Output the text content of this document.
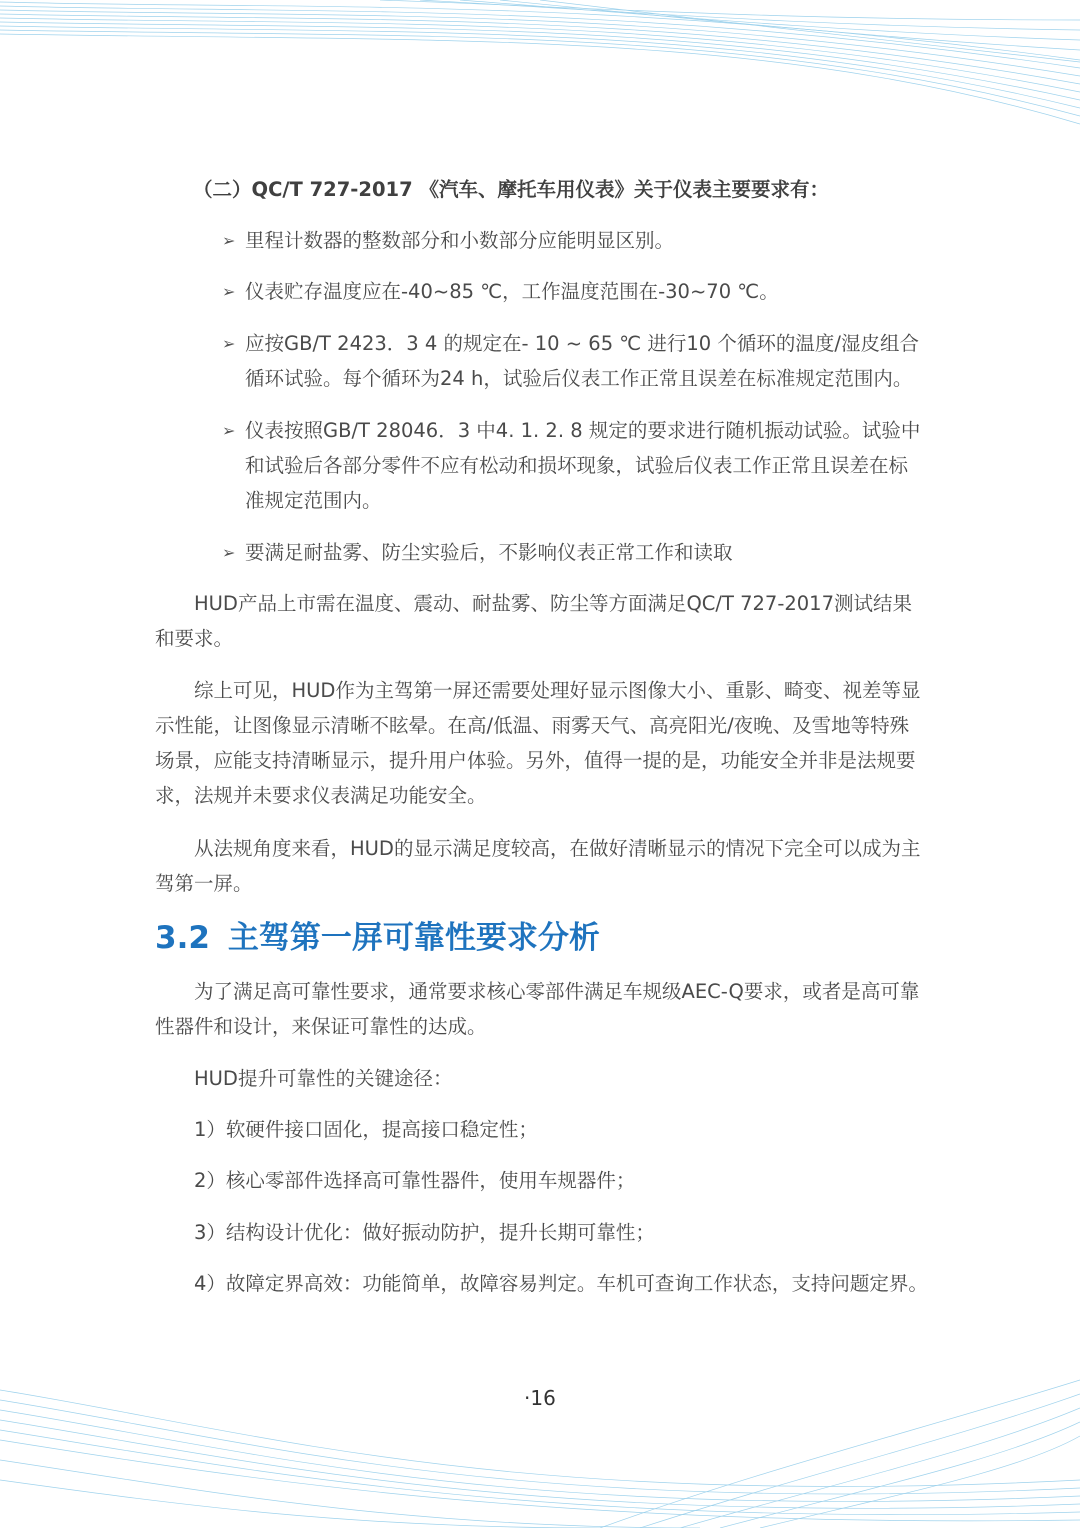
（二）QC/T 727-2017 《汽车、摩托车用仪表》关于仪表主要要求有：
➢ 里程计数器的整数部分和小数部分应能明显区别。
➢ 仪表贮存温度应在-40~85 ℃，工作温度范围在-30~70 ℃。
➢ 应按GB/T 2423．3 4 的规定在- 10 ~ 65 ℃ 进行10 个循环的温度/湿皮组合循环试验。每个循环为24 h，试验后仪表工作正常且误差在标准规定范围内。
➢ 仪表按照GB/T 28046．3 中4. 1. 2. 8 规定的要求进行随机振动试验。试验中和试验后各部分零件不应有松动和损坏现象，试验后仪表工作正常且误差在标准规定范围内。
➢ 要满足耐盐雾、防尘实验后，不影响仪表正常工作和读取
HUD产品上市需在温度、震动、耐盐雾、防尘等方面满足QC/T 727-2017测试结果和要求。
综上可见，HUD作为主驾第一屏还需要处理好显示图像大小、重影、畸变、视差等显示性能，让图像显示清晰不眩晕。在高/低温、雨雾天气、高亮阳光/夜晚、及雪地等特殊场景，应能支持清晰显示，提升用户体验。另外，值得一提的是，功能安全并非是法规要求，法规并未要求仪表满足功能安全。
从法规角度来看，HUD的显示满足度较高，在做好清晰显示的情况下完全可以成为主驾第一屏。
3.2 主驾第一屏可靠性要求分析
为了满足高可靠性要求，通常要求核心零部件满足车规级AEC-Q要求，或者是高可靠性器件和设计，来保证可靠性的达成。
HUD提升可靠性的关键途径：
1）软硬件接口固化，提高接口稳定性；
2）核心零部件选择高可靠性器件，使用车规器件；
3）结构设计优化：做好振动防护，提升长期可靠性；
4）故障定界高效：功能简单，故障容易判定。车机可查询工作状态，支持问题定界。
·16
